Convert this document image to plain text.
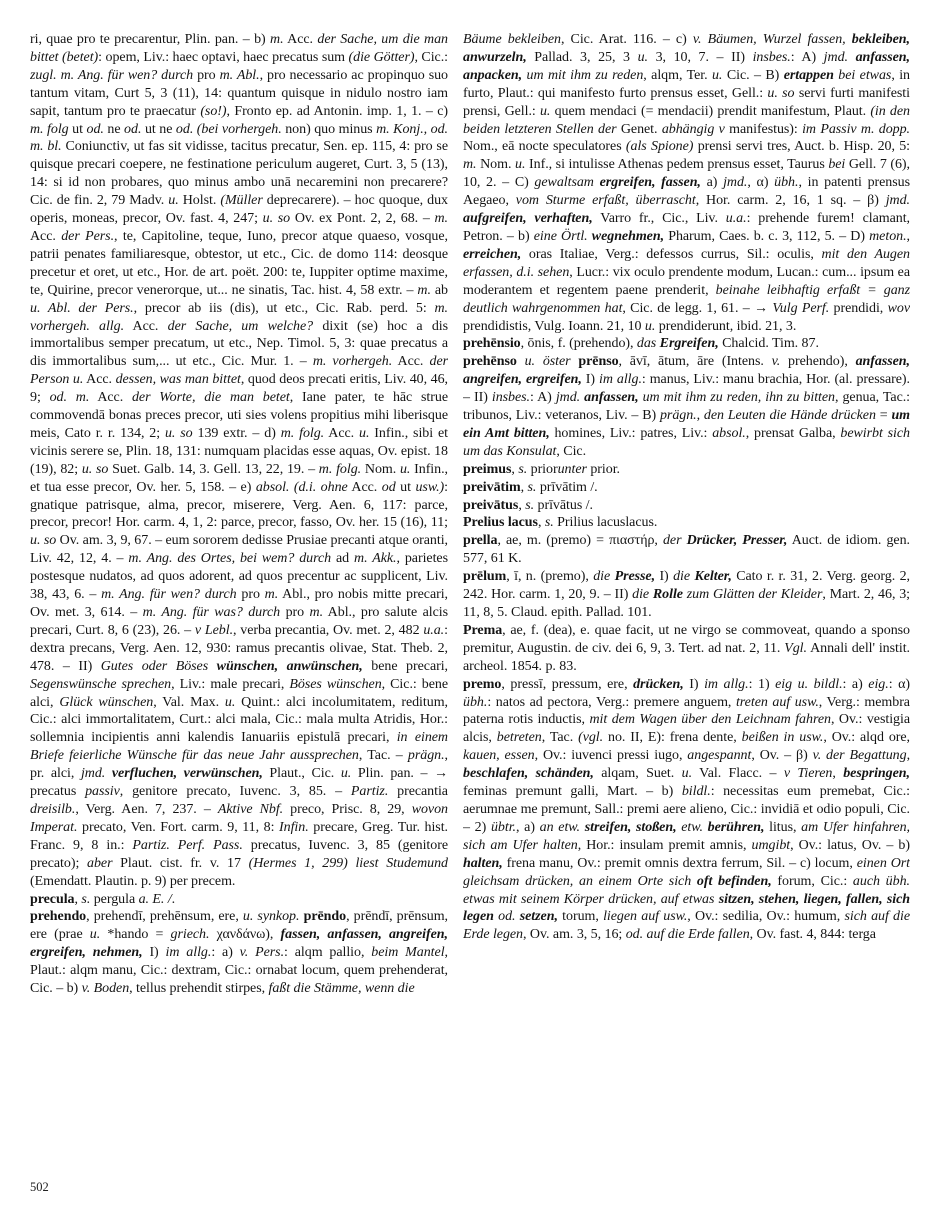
ri, quae pro te precarentur, Plin. pan. – b) m. Acc. der Sache, um die man bittet (betet): opem, Liv.: haec optavi, haec precatus sum (die Götter), Cic.: zugl. m. Ang. für wen? durch pro m. Abl., pro necessario ac propinquo suo tantum vitam, Curt 5, 3 (11), 14: quantum quisque in nidulo nostro iam sapit, tantum pro te praecatur (so!), Fronto ep. ad Antonin. imp. 1, 1. – c) m. folg ut od. ne od. ut ne od. (bei vorhergeh. non) quo minus m. Konj., od. m. bl. Coniunctiv, ut fas sit vidisse, tacitus precatur, Sen. ep. 115, 4: pro se quisque precari coepere, ne festinatione periculum augeret, Curt. 3, 5 (13), 14: si id non probares, quo minus ambo unā necaremini non precarere? Cic. de fin. 2, 79 Madv. u. Holst. (Müller deprecarere). – hoc quoque, dux operis, moneas, precor, Ov. fast. 4, 247; u. so Ov. ex Pont. 2, 2, 68. – m. Acc. der Pers., te, Capitoline, teque, Iuno, precor atque quaeso, vosque, patrii penates familiaresque, obtestor, ut etc., Cic. de domo 114: deosque precetur et oret, ut etc., Hor. de art. poët. 200: te, Iuppiter optime maxime, te, Quirine, precor venerorque, ut... ne sinatis, Tac. hist. 4, 58 extr. – m. ab u. Abl. der Pers., precor ab iis (dis), ut etc., Cic. Rab. perd. 5: m. vorhergeh. allg. Acc. der Sache, um welche? dixit (se) hoc a dis immortalibus semper precatum, ut etc., Nep. Timol. 5, 3: quae precatus a dis immortalibus sum,... ut etc., Cic. Mur. 1. – m. vorhergeh. Acc. der Person u. Acc. dessen, was man bittet, quod deos precati eritis, Liv. 40, 46, 9; od. m. Acc. der Worte, die man betet, Iane pater, te hāc strue commovendā bonas preces precor, uti sies volens propitius mihi liberisque meis, Cato r. r. 134, 2; u. so 139 extr. – d) m. folg. Acc. u. Infin., sibi et vicinis serere se, Plin. 18, 131: numquam placidas esse aquas, Ov. epist. 18 (19), 82; u. so Suet. Galb. 14, 3. Gell. 13, 22, 19. – m. folg. Nom. u. Infin., et tua esse precor, Ov. her. 5, 158. – e) absol. (d.i. ohne Acc. od ut usw.): gnatique patrisque, alma, precor, miserere, Verg. Aen. 6, 117: parce, precor, precor! Hor. carm. 4, 1, 2: parce, precor, fasso, Ov. her. 15 (16), 11; u. so Ov. am. 3, 9, 67. – eum sororem dedisse Prusiae precanti atque oranti, Liv. 42, 12, 4. – m. Ang. des Ortes, bei wem? durch ad m. Akk., parietes postesque nudatos, ad quos adorent, ad quos precentur ac supplicent, Liv. 38, 43, 6. – m. Ang. für wen? durch pro m. Abl., pro nobis mitte precari, Ov. met. 3, 614. – m. Ang. für was? durch pro m. Abl., pro salute alcis precari, Curt. 8, 6 (23), 26. – v Lebl., verba precantia, Ov. met. 2, 482 u.a.: dextra precans, Verg. Aen. 12, 930: ramus precantis olivae, Stat. Theb. 2, 478. – II) Gutes oder Böses wünschen, anwünschen, bene precari, Segenswünsche sprechen, Liv.: male precari, Böses wünschen, Cic.: bene alci, Glück wünschen, Val. Max. u. Quint.: alci incolumitatem, reditum, Cic.: alci immortalitatem, Curt.: alci mala, Cic.: mala multa Atridis, Hor.: sollemnia incipientis anni kalendis Ianuariis epistulā precari, in einem Briefe feierliche Wünsche für das neue Jahr aussprechen, Tac. – prägn., pr. alci, jmd. verfluchen, verwünschen, Plaut., Cic. u. Plin. pan. – → precatus passiv, genitore precato, Iuvenc. 3, 85. – Partiz. precantia dreisilb., Verg. Aen. 7, 237. – Aktive Nbf. preco, Prisc. 8, 29, wovon Imperat. precato, Ven. Fort. carm. 9, 11, 8: Infin. precare, Greg. Tur. hist. Franc. 9, 8 in.: Partiz. Perf. Pass. precatus, Iuvenc. 3, 85 (genitore precato); aber Plaut. cist. fr. v. 17 (Hermes 1, 299) liest Studemund (Emendatt. Plautin. p. 9) per precem.

precula, s. pergula a. E. /.

prehendo, prehendī, prehēnsum, ere, u. synkop. prēndo, prēndī, prēnsum, ere (prae u. *hando = griech. χανδάνω), fassen, anfassen, angreifen, ergreifen, nehmen, I) im allg.: a) v. Pers.: alqm pallio, beim Mantel, Plaut.: alqm manu, Cic.: dextram, Cic.: ornabat locum, quem prehenderat, Cic. – b) v. Boden, tellus prehendit stirpes, faßt die Stämme, wenn die

Bäume bekleiben, Cic. Arat. 116. – c) v. Bäumen, Wurzel fassen, bekleiben, anwurzeln, Pallad. 3, 25, 3 u. 3, 10, 7. – II) insbes.: A) jmd. anfassen, anpacken, um mit ihm zu reden, alqm, Ter. u. Cic. – B) ertappen bei etwas, in furto, Plaut.: qui manifesto furto prensus esset, Gell.: u. so servi furti manifesti prensi, Gell.: u. quem mendaci (= mendacii) prendit manifestum, Plaut. (in den beiden letzteren Stellen der Genet. abhängig v manifestus): im Passiv m. dopp. Nom., eā nocte speculatores (als Spione) prensi servi tres, Auct. b. Hisp. 20, 5: m. Nom. u. Inf., si intulisse Athenas pedem prensus esset, Taurus bei Gell. 7 (6), 10, 2. – C) gewaltsam ergreifen, fassen, a) jmd., α) übh., in patenti prensus Aegaeo, vom Sturme erfaßt, überrascht, Hor. carm. 2, 16, 1 sq. – β) jmd. aufgreifen, verhaften, Varro fr., Cic., Liv. u.a.: prehende furem! clamant, Petron. – b) eine Örtl. wegnehmen, Pharum, Caes. b. c. 3, 112, 5. – D) meton., erreichen, oras Italiae, Verg.: defessos currus, Sil.: oculis, mit den Augen erfassen, d.i. sehen, Lucr.: vix oculo prendente modum, Lucan.: cum... ipsum ea moderantem et regentem paene prenderit, beinahe leibhaftig erfaßt = ganz deutlich wahrgenommen hat, Cic. de legg. 1, 61. – → Vulg Perf. prendidi, wov prendidistis, Vulg. Ioann. 21, 10 u. prendiderunt, ibid. 21, 3.

prehēnsio, ōnis, f. (prehendo), das Ergreifen, Chalcid. Tim. 87.

prehēnso u. öster prēnso, āvī, ātum, āre (Intens. v. prehendo), anfassen, angreifen, ergreifen, I) im allg.: manus, Liv.: manu brachia, Hor. (al. pressare). – II) insbes.: A) jmd. anfassen, um mit ihm zu reden, ihn zu bitten, genua, Tac.: tribunos, Liv.: veteranos, Liv. – B) prägn., den Leuten die Hände drücken = um ein Amt bitten, homines, Liv.: patres, Liv.: absol., prensat Galba, bewirbt sich um das Konsulat, Cic.

preimus, s. priorunter prior.

preivātim, s. prīvātim /.

preivātus, s. prīvātus /.

Prelius lacus, s. Prilius lacuslacus.

prella, ae, m. (premo) = πιαστήρ, der Drücker, Presser, Auct. de idiom. gen. 577, 61 K.

prēlum, ī, n. (premo), die Presse, I) die Kelter, Cato r. r. 31, 2. Verg. georg. 2, 242. Hor. carm. 1, 20, 9. – II) die Rolle zum Glätten der Kleider, Mart. 2, 46, 3; 11, 8, 5. Claud. epith. Pallad. 101.

Prema, ae, f. (dea), e. quae facit, ut ne virgo se commoveat, quando a sponso premitur, Augustin. de civ. dei 6, 9, 3. Tert. ad nat. 2, 11. Vgl. Annali dell' instit. archeol. 1854. p. 83.

premo, pressī, pressum, ere, drücken, I) im allg.: 1) eig u. bildl.: a) eig.: α) übh.: natos ad pectora, Verg.: premere anguem, treten auf usw., Verg.: membra paterna rotis inductis, mit dem Wagen über den Leichnam fahren, Ov.: vestigia alcis, betreten, Tac. (vgl. no. II, E): frena dente, beißen in usw., Ov.: alqd ore, kauen, essen, Ov.: iuvenci pressi iugo, angespannt, Ov. – β) v. der Begattung, beschlafen, schänden, alqam, Suet. u. Val. Flacc. – v Tieren, bespringen, feminas premunt galli, Mart. – b) bildl.: necessitas eum premebat, Cic.: aerumnae me premunt, Sall.: premi aere alieno, Cic.: invidiā et odio populi, Cic. – 2) übtr., a) an etw. streifen, stoßen, etw. berühren, litus, am Ufer hinfahren, sich am Ufer halten, Hor.: insulam premit amnis, umgibt, Ov.: latus, Ov. – b) halten, frena manu, Ov.: premit omnis dextra ferrum, Sil. – c) locum, einen Ort gleichsam drücken, an einem Orte sich oft befinden, forum, Cic.: auch übh. etwas mit seinem Körper drücken, auf etwas sitzen, stehen, liegen, fallen, sich legen od. setzen, torum, liegen auf usw., Ov.: sedilia, Ov.: humum, sich auf die Erde legen, Ov. am. 3, 5, 16; od. auf die Erde fallen, Ov. fast. 4, 844: terga

502
